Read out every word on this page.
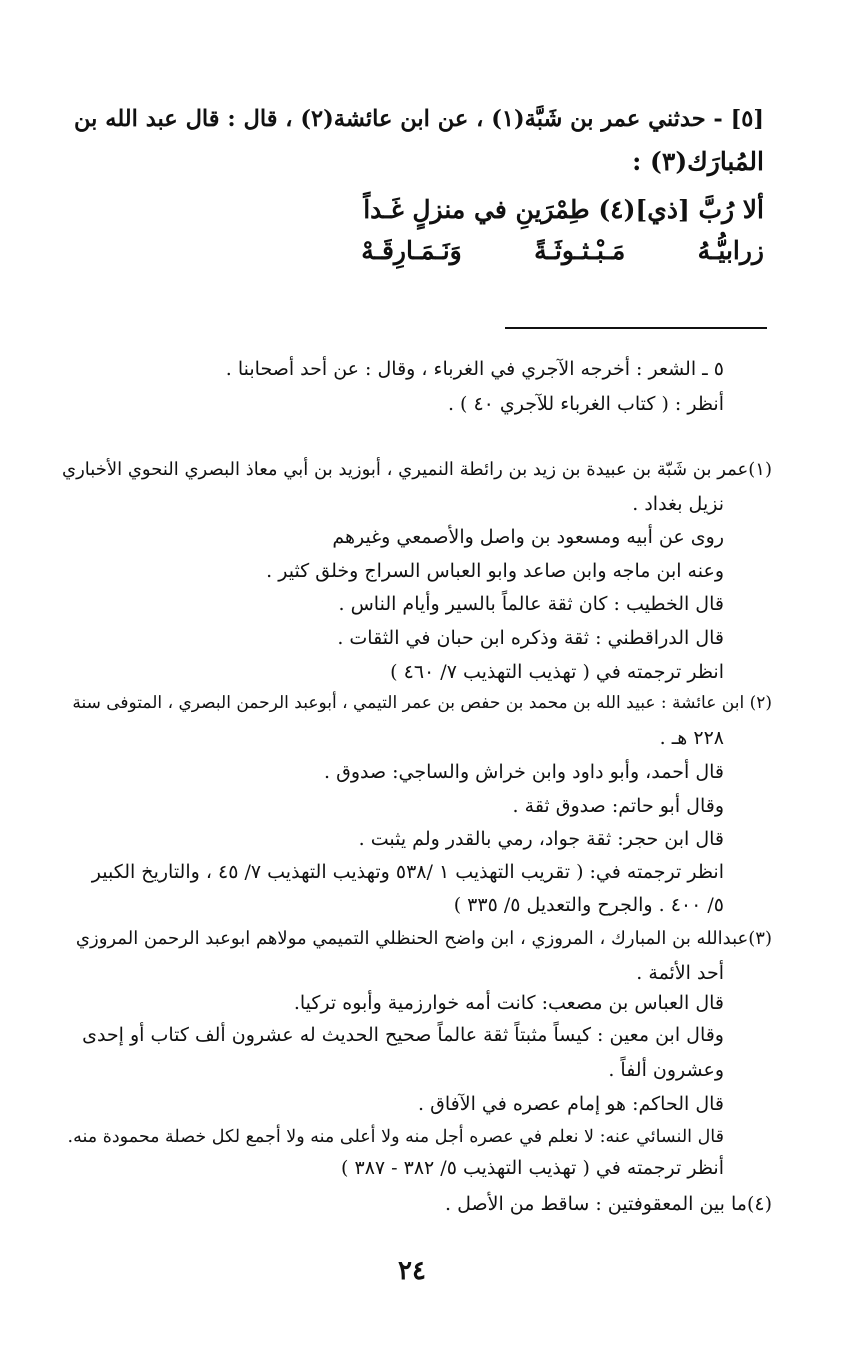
[٥] - حدثني عمر بن شَبَّة(١) ، عن ابن عائشة(٢) ، قال : قال عبد الله بن
المُبارَك(٣) :
ألا رُبَّ [ذي](٤) طِمْرَينِ في منزلٍ غَـداً
زرابيُّـهُ  مَـبْـثـوثَـةً  وَنَـمَـارِقَـهْ
٥ ـ الشعر : أخرجه الآجري في الغرباء ، وقال : عن أحد أصحابنا .
أنظر : ( كتاب الغرباء للآجري ٤٠ ) .
(١)عمر بن شَبّة بن عبيدة بن زيد بن رائطة النميري ، أبوزيد بن أبي معاذ البصري النحوي الأخباري
نزيل بغداد .
روى عن أبيه ومسعود بن واصل والأصمعي وغيرهم
وعنه ابن ماجه وابن صاعد وابو العباس السراج وخلق كثير .
قال الخطيب : كان ثقة عالماً بالسير وأيام الناس .
قال الدراقطني : ثقة وذكره ابن حبان في الثقات .
انظر ترجمته في ( تهذيب التهذيب ٧/ ٤٦٠ )
(٢) ابن عائشة : عبيد الله بن محمد بن حفص بن عمر التيمي ، أبوعبد الرحمن البصري ، المتوفى سنة
٢٢٨ هـ .
قال أحمد، وأبو داود وابن خراش والساجي: صدوق .
وقال أبو حاتم: صدوق ثقة .
قال ابن حجر: ثقة جواد، رمي بالقدر ولم يثبت .
انظر ترجمته في: ( تقريب التهذيب ١ /٥٣٨ وتهذيب التهذيب ٧/ ٤٥ ، والتاريخ الكبير
٥/ ٤٠٠ . والجرح والتعديل ٥/ ٣٣٥ )
(٣)عبدالله بن المبارك ، المروزي ، ابن واضح الحنظلي التميمي مولاهم ابوعبد الرحمن المروزي
أحد الأئمة .
قال العباس بن مصعب: كانت أمه خوارزمية وأبوه تركيا.
وقال ابن معين : كيساً مثبتاً ثقة عالماً صحيح الحديث له عشرون ألف كتاب أو إحدى
وعشرون ألفاً .
قال الحاكم: هو إمام عصره في الآفاق .
قال النسائي عنه: لا نعلم في عصره أجل منه ولا أعلى منه ولا أجمع لكل خصلة محمودة منه.
أنظر ترجمته في ( تهذيب التهذيب ٥/ ٣٨٢ - ٣٨٧ )
(٤)ما بين المعقوفتين : ساقط من الأصل .
٢٤
